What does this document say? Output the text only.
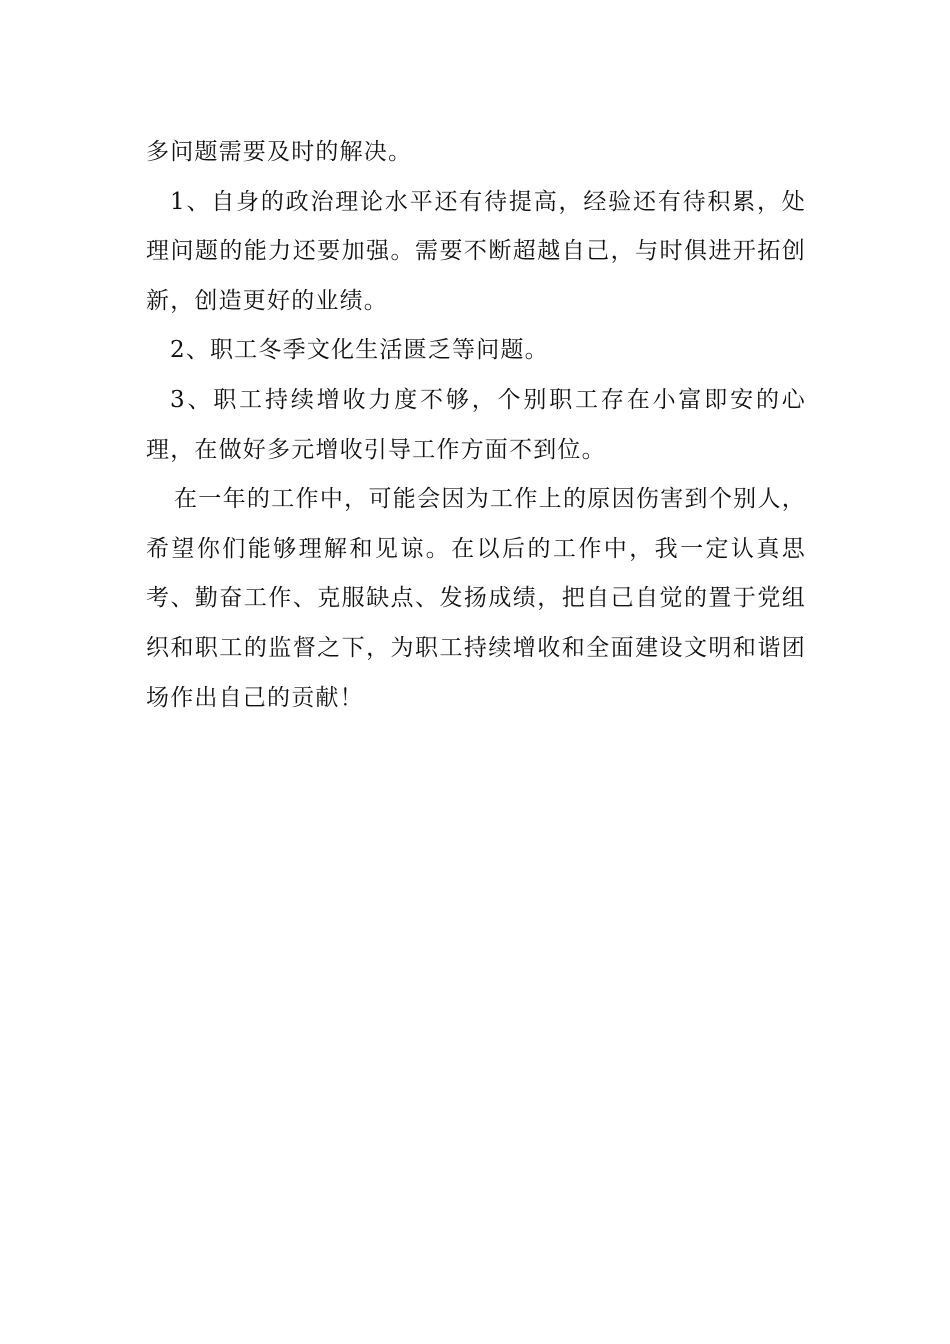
多问题需要及时的解决。

1、自身的政治理论水平还有待提高，经验还有待积累，处理问题的能力还要加强。需要不断超越自己，与时俱进开拓创新，创造更好的业绩。

2、职工冬季文化生活匮乏等问题。

3、职工持续增收力度不够，个别职工存在小富即安的心理，在做好多元增收引导工作方面不到位。

在一年的工作中，可能会因为工作上的原因伤害到个别人，希望你们能够理解和见谅。在以后的工作中，我一定认真思考、勤奋工作、克服缺点、发扬成绩，把自己自觉的置于党组织和职工的监督之下，为职工持续增收和全面建设文明和谐团场作出自己的贡献！
